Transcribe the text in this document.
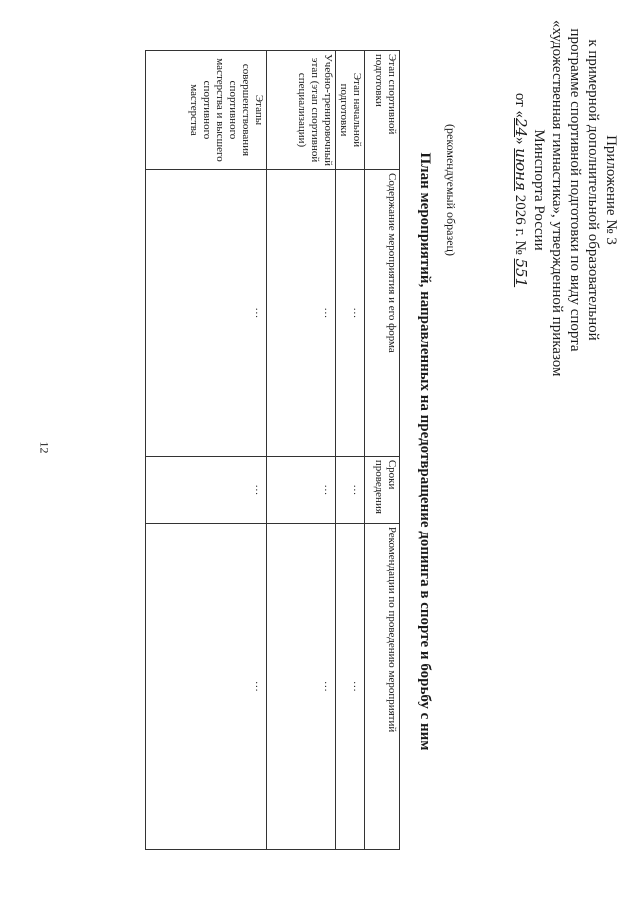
12
Приложение № 3
к примерной дополнительной образовательной
программе спортивной подготовки по виду спорта
«художественная гимнастика», утвержденной приказом
Минспорта России
от «24» июня 2026 г. № 551
(рекомендуемый образец)
План мероприятий, направленных на предотвращение допинга в спорте и борьбу с ним
Этап спортивной подготовки	Содержание мероприятия и его форма	Сроки проведения	Рекомендации по проведению мероприятий
Этап начальной подготовки	…	…	…
Учебно-тренировочный этап (этап спортивной специализации)	…	…	…
Этапы совершенствования спортивного мастерства и высшего спортивного мастерства	…	…	…
